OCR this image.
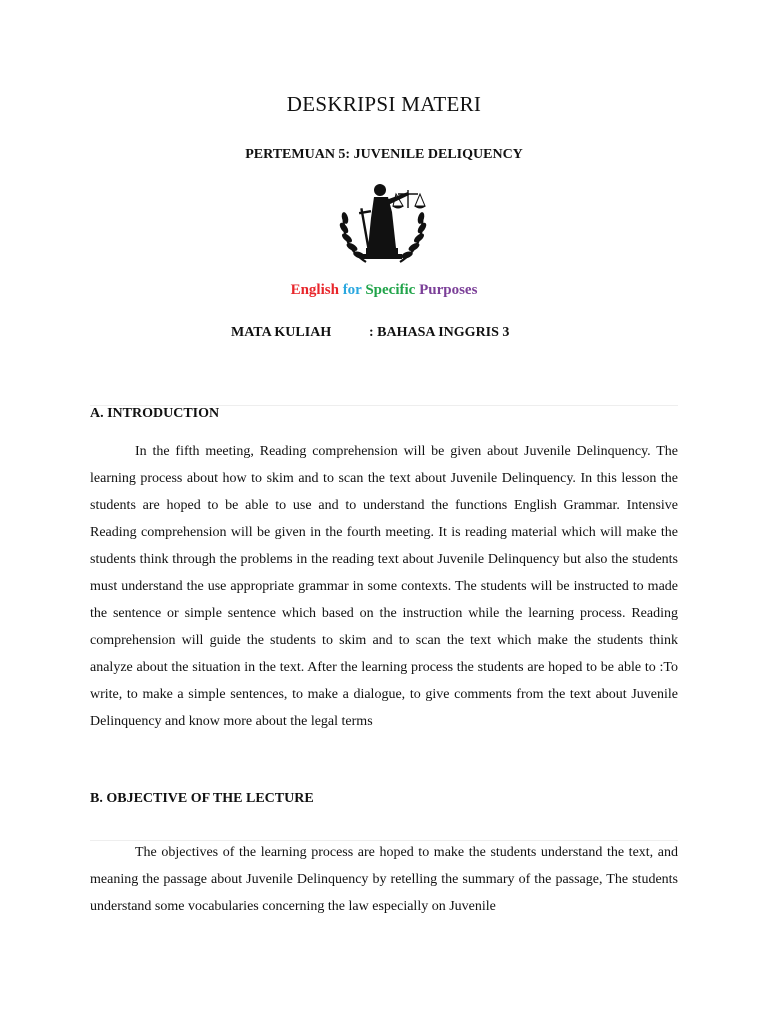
DESKRIPSI MATERI
PERTEMUAN 5: JUVENILE DELIQUENCY

English for Specific Purposes

MATA KULIAH	: BAHASA INGGRIS 3
A. INTRODUCTION

In the fifth meeting, Reading comprehension will be given about Juvenile Delinquency. The learning process about how to skim and to scan the text about Juvenile Delinquency. In this lesson the students are hoped to be able to use and to understand the functions English Grammar. Intensive Reading comprehension will be given in the fourth meeting. It is reading material which will make the students think through the problems in the reading text about Juvenile Delinquency but also the students must understand the use appropriate grammar in some contexts. The students will be instructed to made the sentence or simple sentence which based on the instruction while the learning process. Reading comprehension will guide the students to skim and to scan the text which make the students think analyze about the situation in the text. After the learning process the students are hoped to be able to :To write, to make a simple sentences, to make a dialogue, to give comments from the text about Juvenile Delinquency and know more about the legal terms

B. OBJECTIVE OF THE LECTURE

The objectives of the learning process are hoped to make the students understand the text, and meaning the passage about Juvenile Delinquency by retelling the summary of the passage, The students understand some vocabularies concerning the law especially on Juvenile
